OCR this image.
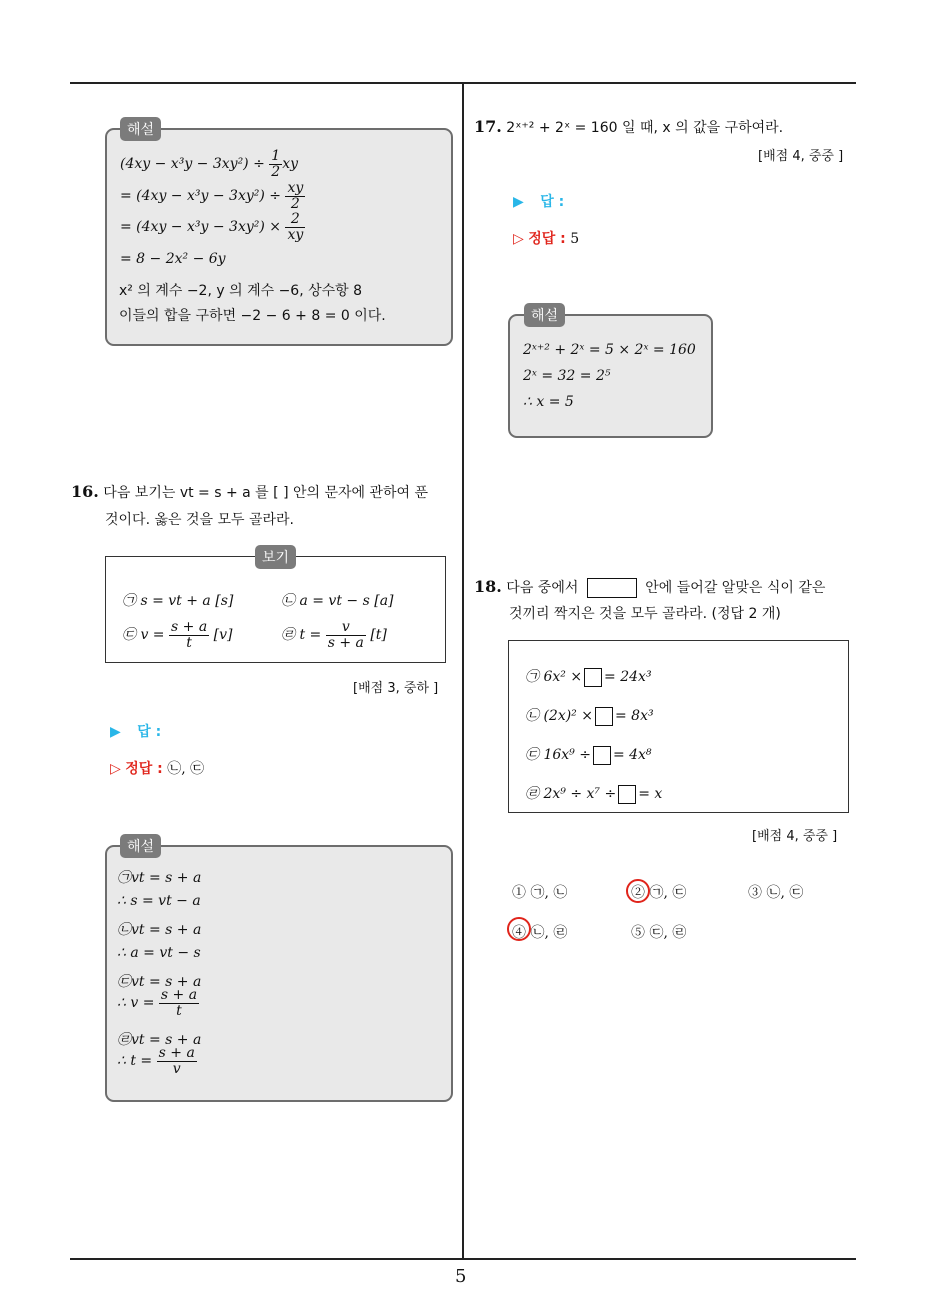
5
해설
$(4xy - x^3y - 3xy^2) \div \frac{1}{2}$ xy
= $(4xy - x^3y - 3xy^2) \div \frac{xy}{2}$
= $(4xy - x^3y - 3xy^2) \times \frac{2}{xy}$
= 8 − 2x² − 6y
x² 의 계수 −2, y 의 계수 −6, 상수항 8
이들의 합을 구하면 −2 − 6 + 8 = 0 이다.
16. 다음 보기는 vt = s + a 를 [ ] 안의 문자에 관하여 푼
것이다. 옳은 것을 모두 골라라.
보기
㉠ s = vt + a [s]	㉡ a = vt − s [a]
㉢ $v = \frac{s + a}{t} [v]$	㉣ $t = \frac{v}{s + a} [t]$
[배점 3, 중하 ]
▶ 답 :
▷ 정답 : ㉡, ㉢
해설
㉠vt = s + a
∴ s = vt − a
㉡vt = s + a
∴ a = vt − s
㉢vt = s + a
∴ $v = \frac{s + a}{t}$
㉣vt = s + a
∴ $t = \frac{s + a}{v}$
17. 2ˣ⁺² + 2ˣ = 160 일 때, x 의 값을 구하여라.
[배점 4, 중중 ]
▶ 답 :
▷ 정답 : 5
해설
2ˣ⁺² + 2ˣ = 5 × 2ˣ = 160
2ˣ = 32 = 2⁵
∴ x = 5
18. 다음 중에서	안에 들어갈 알맞은 식이 같은
것끼리 짝지은 것을 모두 골라라. (정답 2 개)
㉠ 6x² × = 24x³
㉡ (2x)² × = 8x³
㉢ 16x⁹ ÷ = 4x⁸
㉣ 2x⁹ ÷ x⁷ ÷ = x
[배점 4, 중중 ]
① ㉠, ㉡	② ㉠, ㉢	③ ㉡, ㉢
④ ㉡, ㉣	⑤ ㉢, ㉣
